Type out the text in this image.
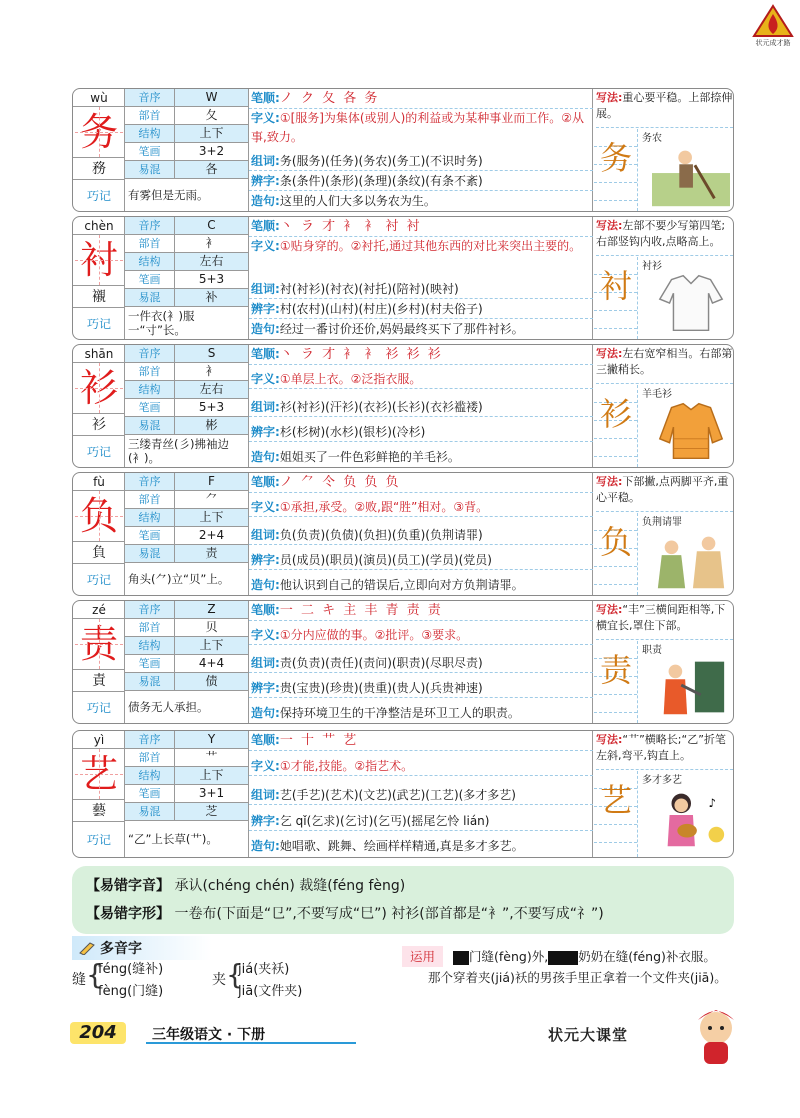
状元成才路
wù
务
務
巧记
音序	W
部首	夂
结构	上下
笔画	3+2
易混	各
有雾但是无雨。
笔顺:ノ ク 夂 各 务
字义:①[服务]为集体(或别人)的利益或为某种事业而工作。②从事,致力。
组词:务(服务)(任务)(务农)(务工)(不识时务)
辨字:条(条件)(条形)(条理)(条纹)(有条不紊)
造句:这里的人们大多以务农为生。
写法:重心要平稳。上部捺伸展。
务
务农
chèn
衬
襯
巧记
音序	C
部首	衤
结构	左右
笔画	5+3
易混	补
一件衣(衤)服一“寸”长。
笔顺:丶 ラ 才 衤 衤 衬 衬
字义:①贴身穿的。②衬托,通过其他东西的对比来突出主要的。
组词:衬(衬衫)(衬衣)(衬托)(陪衬)(映衬)
辨字:村(农村)(山村)(村庄)(乡村)(村夫俗子)
造句:经过一番讨价还价,妈妈最终买下了那件衬衫。
写法:左部不要少写第四笔;右部竖钩内收,点略高上。
衬
衬衫
shān
衫
衫
巧记
音序	S
部首	衤
结构	左右
笔画	5+3
易混	彬
三缕青丝(彡)拂袖边(衤)。
笔顺:丶 ラ 才 衤 衤 衫 衫 衫
字义:①单层上衣。②泛指衣服。
组词:衫(衬衫)(汗衫)(衣衫)(长衫)(衣衫褴褛)
辨字:杉(杉树)(水杉)(银杉)(冷杉)
造句:姐姐买了一件色彩鲜艳的羊毛衫。
写法:左右宽窄相当。右部第三撇稍长。
衫
羊毛衫
fù
负
負
巧记
音序	F
部首	⺈
结构	上下
笔画	2+4
易混	责
角头(⺈)立“贝”上。
笔顺:ノ ⺈ 仒 负 负 负
字义:①承担,承受。②败,跟“胜”相对。③背。
组词:负(负责)(负债)(负担)(负重)(负荆请罪)
辨字:员(成员)(职员)(演员)(员工)(学员)(党员)
造句:他认识到自己的错误后,立即向对方负荆请罪。
写法:下部撇,点两脚平齐,重心平稳。
负
负荆请罪
zé
责
責
巧记
音序	Z
部首	贝
结构	上下
笔画	4+4
易混	债
债务无人承担。
笔顺:一 二 キ 主 丰 青 责 责
字义:①分内应做的事。②批评。③要求。
组词:责(负责)(责任)(责问)(职责)(尽职尽责)
辨字:贵(宝贵)(珍贵)(贵重)(贵人)(兵贵神速)
造句:保持环境卫生的干净整洁是环卫工人的职责。
写法:“丰”三横间距相等,下横宜长,罩住下部。
责
职责
yì
艺
藝
巧记
音序	Y
部首	艹
结构	上下
笔画	3+1
易混	芝
“乙”上长草(艹)。
笔顺:一 十 艹 艺
字义:①才能,技能。②指艺术。
组词:艺(手艺)(艺术)(文艺)(武艺)(工艺)(多才多艺)
辨字:乞 qǐ(乞求)(乞讨)(乞丐)(摇尾乞怜 lián)
造句:她唱歌、跳舞、绘画样样精通,真是多才多艺。
写法:“艹”横略长;“乙”折笔左斜,弯平,钩直上。
艺
多才多艺
♪
【易错字音】 承认(chéng chén) 裁缝(féng fèng)
【易错字形】 一卷布(下面是“㔾”,不要写成“巳”) 衬衫(部首都是“衤”,不要写成“礻”)
多音字
缝 {
féng(缝补)
fèng(门缝)
夹 {
jiá(夹袄)
jiā(文件夹)
运用	门缝(fèng)外, 奶奶在缝(féng)补衣服。
那个穿着夹(jiá)袄的男孩手里正拿着一个文件夹(jiā)。
204	三年级语文 · 下册	状元大课堂
